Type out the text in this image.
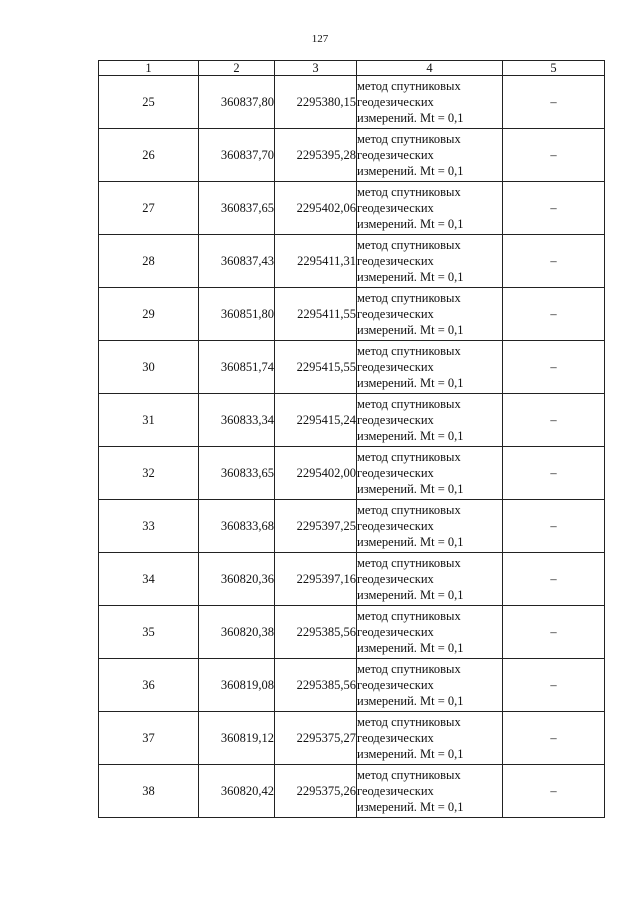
127
1	2	3	4	5
25	360837,80	2295380,15	метод спутниковых
геодезических
измерений. Mt = 0,1	–
26	360837,70	2295395,28	метод спутниковых
геодезических
измерений. Mt = 0,1	–
27	360837,65	2295402,06	метод спутниковых
геодезических
измерений. Mt = 0,1	–
28	360837,43	2295411,31	метод спутниковых
геодезических
измерений. Mt = 0,1	–
29	360851,80	2295411,55	метод спутниковых
геодезических
измерений. Mt = 0,1	–
30	360851,74	2295415,55	метод спутниковых
геодезических
измерений. Mt = 0,1	–
31	360833,34	2295415,24	метод спутниковых
геодезических
измерений. Mt = 0,1	–
32	360833,65	2295402,00	метод спутниковых
геодезических
измерений. Mt = 0,1	–
33	360833,68	2295397,25	метод спутниковых
геодезических
измерений. Mt = 0,1	–
34	360820,36	2295397,16	метод спутниковых
геодезических
измерений. Mt = 0,1	–
35	360820,38	2295385,56	метод спутниковых
геодезических
измерений. Mt = 0,1	–
36	360819,08	2295385,56	метод спутниковых
геодезических
измерений. Mt = 0,1	–
37	360819,12	2295375,27	метод спутниковых
геодезических
измерений. Mt = 0,1	–
38	360820,42	2295375,26	метод спутниковых
геодезических
измерений. Mt = 0,1	–
